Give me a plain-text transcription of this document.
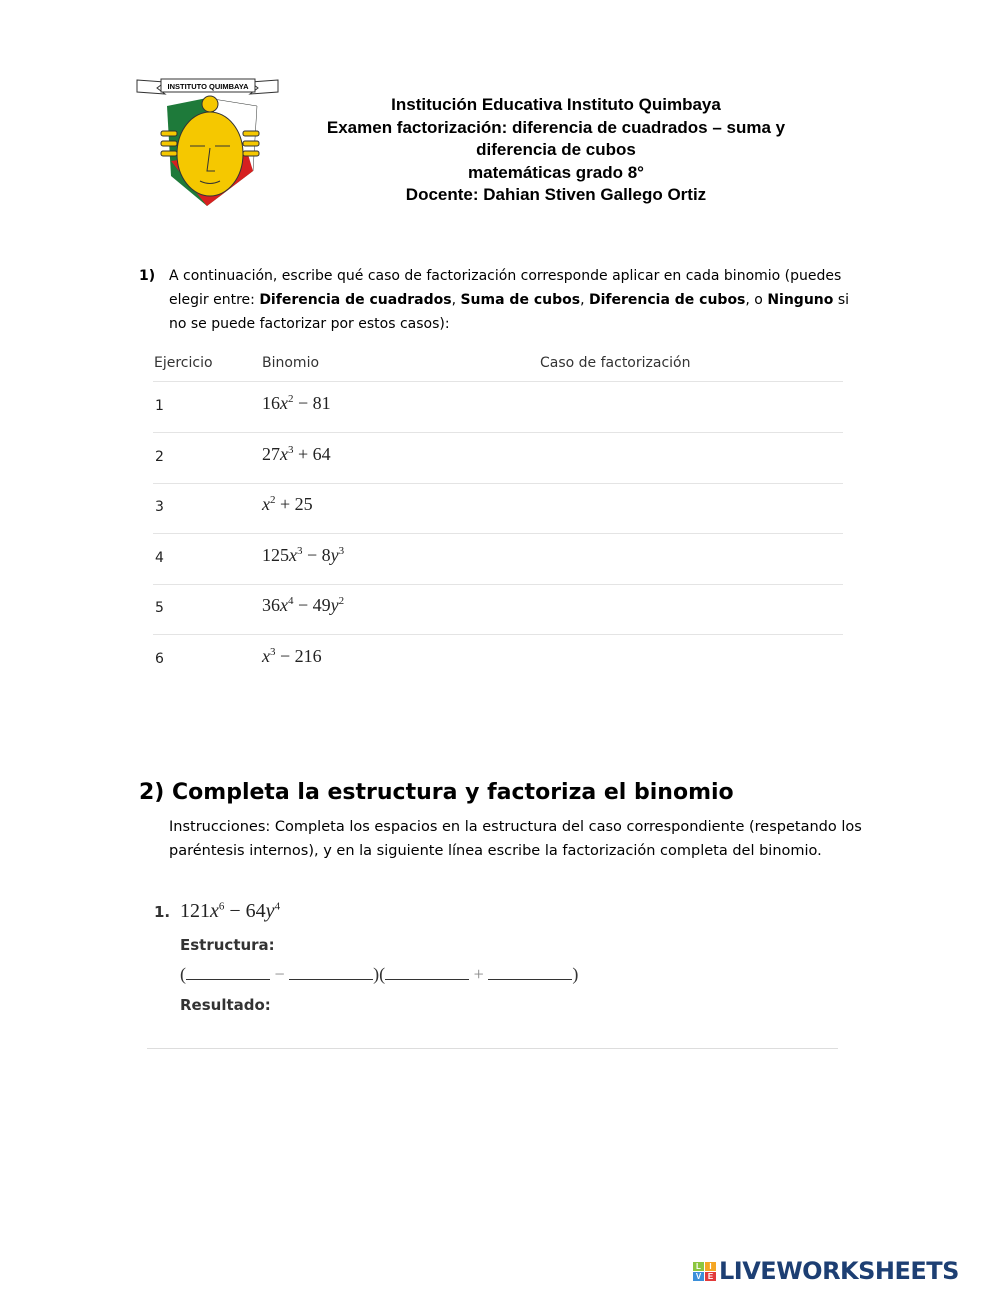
INSTITUTO QUIMBAYA
Institución Educativa Instituto Quimbaya
Examen factorización: diferencia de cuadrados – suma y
diferencia de cubos
matemáticas grado 8°
Docente: Dahian Stiven Gallego Ortiz
1) A continuación, escribe qué caso de factorización corresponde aplicar en cada binomio (puedes elegir entre: Diferencia de cuadrados, Suma de cubos, Diferencia de cubos, o Ninguno si no se puede factorizar por estos casos):
Ejercicio	Binomio	Caso de factorización
1	$16x^2 - 81$
2	$27x^3 + 64$
3	$x^2 + 25$
4	$125x^3 - 8y^3$
5	$36x^4 - 49y^2$
6	$x^3 - 216$
2) Completa la estructura y factoriza el binomio
Instrucciones: Completa los espacios en la estructura del caso correspondiente (respetando los paréntesis internos), y en la siguiente línea escribe la factorización completa del binomio.
1. $121x^6 - 64y^4$
Estructura:
(	−	)(	+	)
Resultado:
L	I
V E LIVEWORKSHEETS
